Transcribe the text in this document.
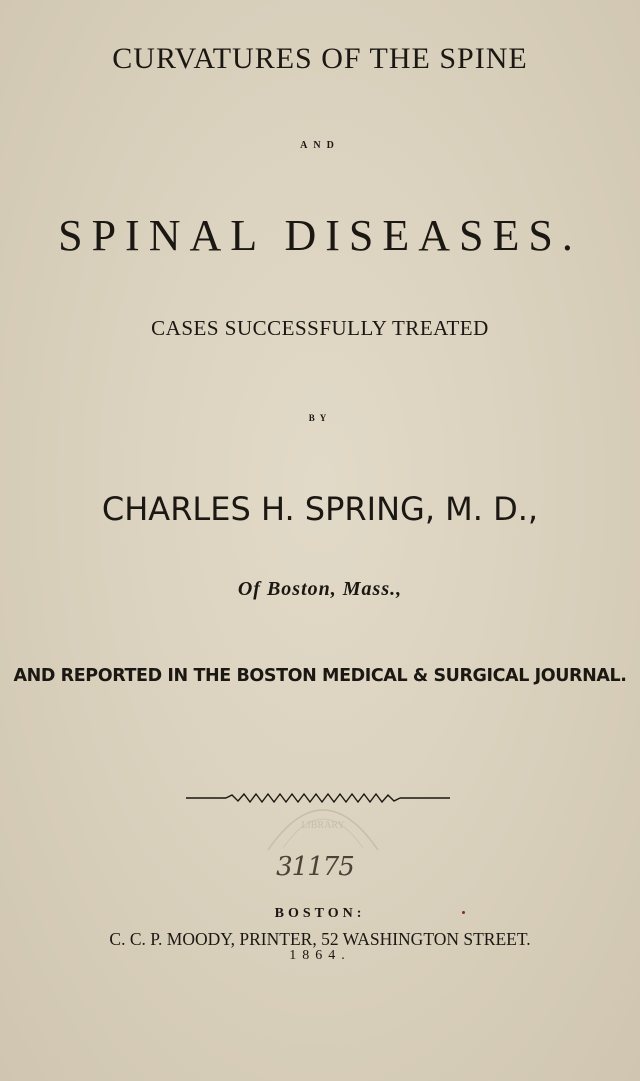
CURVATURES OF THE SPINE
AND
SPINAL DISEASES.
CASES SUCCESSFULLY TREATED
BY
CHARLES H. SPRING, M. D.,
Of Boston, Mass.,
AND REPORTED IN THE BOSTON MEDICAL & SURGICAL JOURNAL.
LIBRARY
31175
BOSTON:
C. C. P. MOODY, PRINTER, 52 WASHINGTON STREET.
1864.
